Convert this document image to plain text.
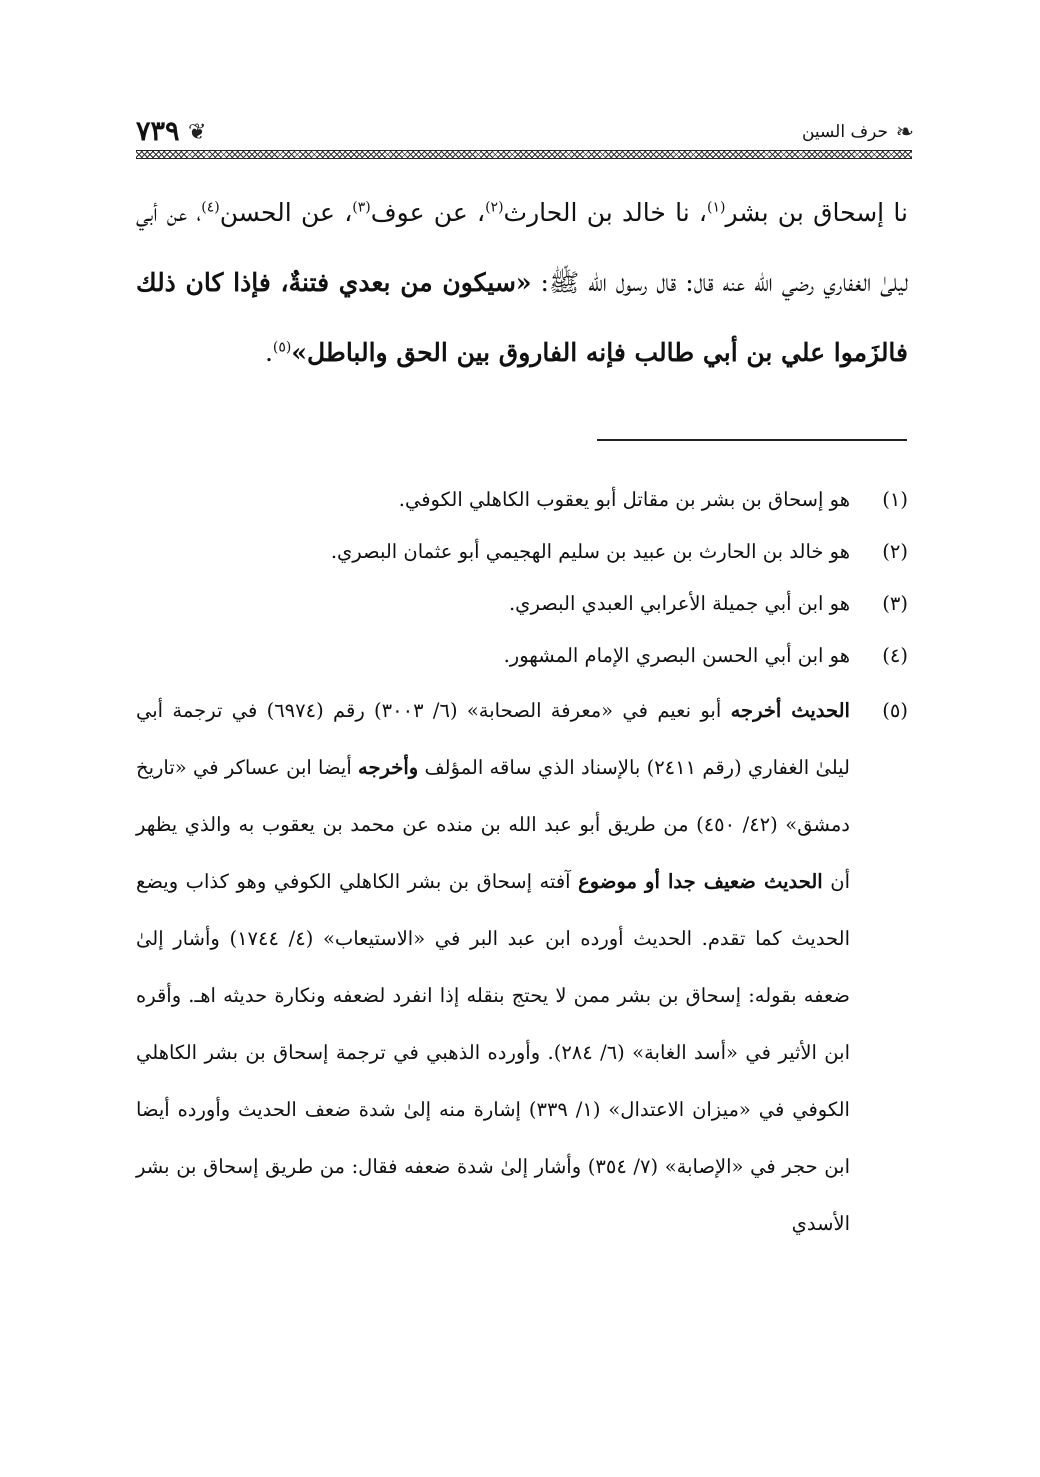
٧٣٩ ❦	حرف السين ❧
نا إسحاق بن بشر$^{(١)}$، نا خالد بن الحارث$^{(٢)}$، عن عوف$^{(٣)}$، عن الحسن$^{(٤)}$، عن أبي ليلىٰ الغفاري رضي الله عنه قال: قال رسول الله ﷺ: «سيكون من بعدي فتنةٌ، فإذا كان ذلك فالزَموا علي بن أبي طالب فإنه الفاروق بين الحق والباطل»$^{(٥)}$.
(١)
هو إسحاق بن بشر بن مقاتل أبو يعقوب الكاهلي الكوفي.
(٢)
هو خالد بن الحارث بن عبيد بن سليم الهجيمي أبو عثمان البصري.
(٣)
هو ابن أبي جميلة الأعرابي العبدي البصري.
(٤)
هو ابن أبي الحسن البصري الإمام المشهور.
(٥)
الحديث أخرجه أبو نعيم في «معرفة الصحابة» (٦/ ٣٠٠٣) رقم (٦٩٧٤) في ترجمة أبي ليلىٰ الغفاري (رقم ٢٤١١) بالإسناد الذي ساقه المؤلف وأخرجه أيضا ابن عساكر في «تاريخ دمشق» (٤٢/ ٤٥٠) من طريق أبو عبد الله بن منده عن محمد بن يعقوب به والذي يظهر أن الحديث ضعيف جدا أو موضوع آفته إسحاق بن بشر الكاهلي الكوفي وهو كذاب ويضع الحديث كما تقدم. الحديث أورده ابن عبد البر في «الاستيعاب» (٤/ ١٧٤٤) وأشار إلىٰ ضعفه بقوله: إسحاق بن بشر ممن لا يحتج بنقله إذا انفرد لضعفه ونكارة حديثه اهـ. وأقره ابن الأثير في «أسد الغابة» (٦/ ٢٨٤). وأورده الذهبي في ترجمة إسحاق بن بشر الكاهلي الكوفي في «ميزان الاعتدال» (١/ ٣٣٩) إشارة منه إلىٰ شدة ضعف الحديث وأورده أيضا ابن حجر في «الإصابة» (٧/ ٣٥٤) وأشار إلىٰ شدة ضعفه فقال: من طريق إسحاق بن بشر الأسدي
